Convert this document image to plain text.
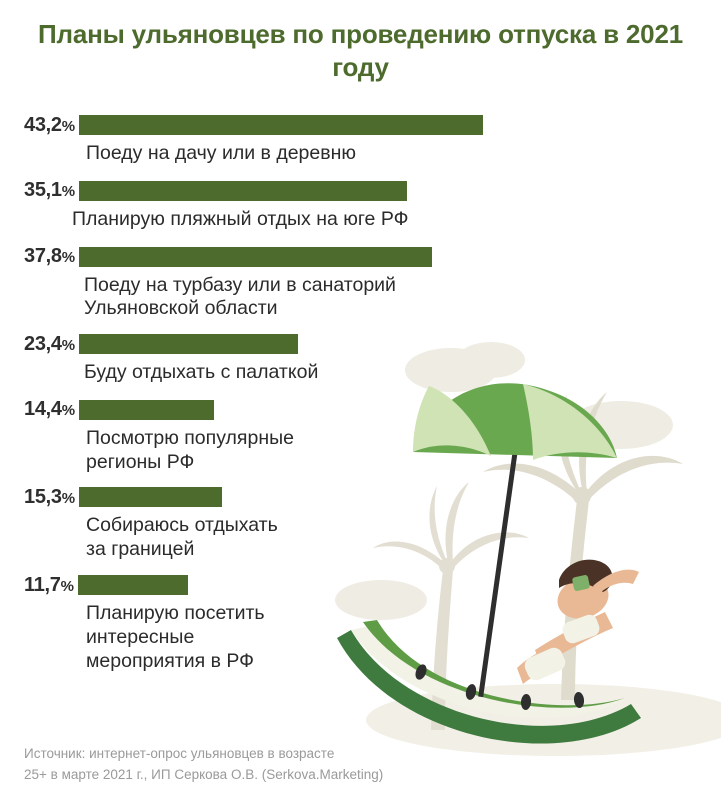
Планы ульяновцев по проведению отпуска в 2021 году
43,2%
Поеду на дачу или в деревню
35,1%
Планирую пляжный отдых на юге РФ
37,8%
Поеду на турбазу или в санаторий
Ульяновской области
23,4%
Буду отдыхать с палаткой
14,4%
Посмотрю популярные
регионы РФ
15,3%
Собираюсь отдыхать
за границей
11,7%
Планирую посетить
интересные
мероприятия в РФ
Источник: интернет-опрос ульяновцев в возрасте
25+ в марте 2021 г., ИП Серкова О.В. (Serkova.Marketing)
